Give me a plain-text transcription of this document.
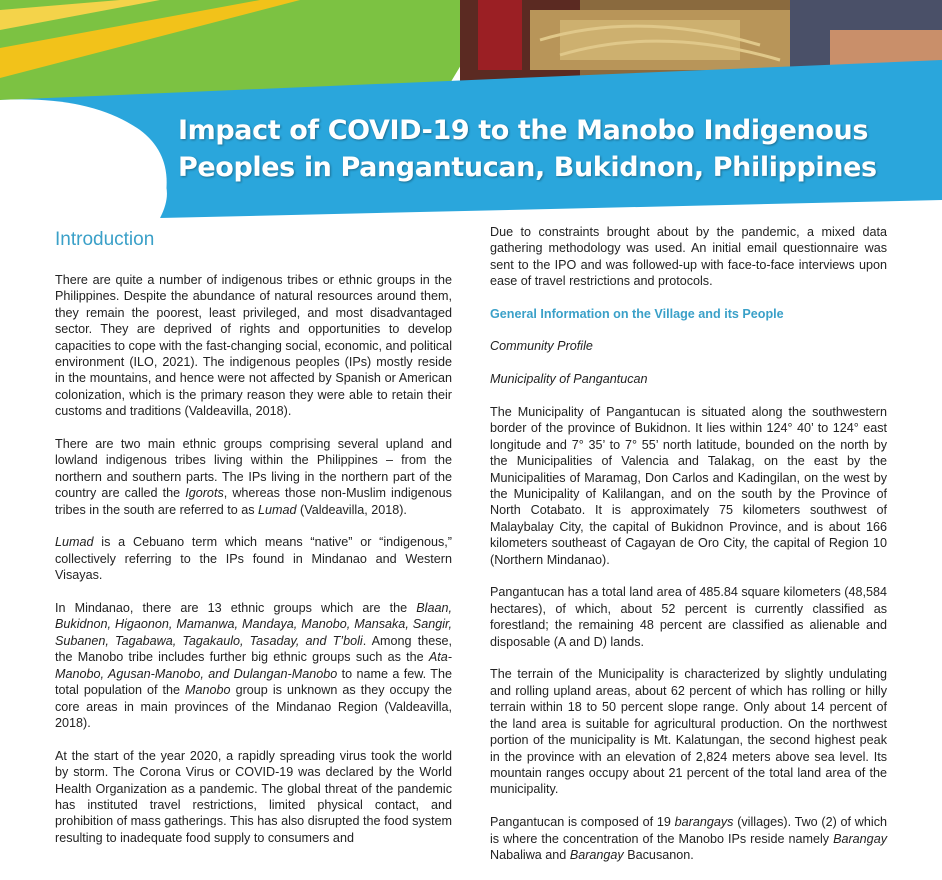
Impact of COVID-19 to the Manobo Indigenous Peoples in Pangantucan, Bukidnon, Philippines
Introduction

There are quite a number of indigenous tribes or ethnic groups in the Philippines. Despite the abundance of natural resources around them, they remain the poorest, least privileged, and most disadvantaged sector. They are deprived of rights and opportunities to develop capacities to cope with the fast-changing social, economic, and political environment (ILO, 2021). The indigenous peoples (IPs) mostly reside in the mountains, and hence were not affected by Spanish or American colonization, which is the primary reason they were able to retain their customs and traditions (Valdeavilla, 2018).

There are two main ethnic groups comprising several upland and lowland indigenous tribes living within the Philippines – from the northern and southern parts. The IPs living in the northern part of the country are called the Igorots, whereas those non-Muslim indigenous tribes in the south are referred to as Lumad (Valdeavilla, 2018).

Lumad is a Cebuano term which means “native” or “indigenous,” collectively referring to the IPs found in Mindanao and Western Visayas.

In Mindanao, there are 13 ethnic groups which are the Blaan, Bukidnon, Higaonon, Mamanwa, Mandaya, Manobo, Mansaka, Sangir, Subanen, Tagabawa, Tagakaulo, Tasaday, and T’boli. Among these, the Manobo tribe includes further big ethnic groups such as the Ata-Manobo, Agusan-Manobo, and Dulangan-Manobo to name a few. The total population of the Manobo group is unknown as they occupy the core areas in main provinces of the Mindanao Region (Valdeavilla, 2018).

At the start of the year 2020, a rapidly spreading virus took the world by storm. The Corona Virus or COVID-19 was declared by the World Health Organization as a pandemic. The global threat of the pandemic has instituted travel restrictions, limited physical contact, and prohibition of mass gatherings. This has also disrupted the food system resulting to inadequate food supply to consumers and

Due to constraints brought about by the pandemic, a mixed data gathering methodology was used. An initial email questionnaire was sent to the IPO and was followed-up with face-to-face interviews upon ease of travel restrictions and protocols.

General Information on the Village and its People

Community Profile

Municipality of Pangantucan

The Municipality of Pangantucan is situated along the southwestern border of the province of Bukidnon. It lies within 124° 40’ to 124° east longitude and 7° 35’ to 7° 55’ north latitude, bounded on the north by the Municipalities of Valencia and Talakag, on the east by the Municipalities of Maramag, Don Carlos and Kadingilan, on the west by the Municipality of Kalilangan, and on the south by the Province of North Cotabato. It is approximately 75 kilometers southwest of Malaybalay City, the capital of Bukidnon Province, and is about 166 kilometers southeast of Cagayan de Oro City, the capital of Region 10 (Northern Mindanao).

Pangantucan has a total land area of 485.84 square kilometers (48,584 hectares), of which, about 52 percent is currently classified as forestland; the remaining 48 percent are classified as alienable and disposable (A and D) lands.

The terrain of the Municipality is characterized by slightly undulating and rolling upland areas, about 62 percent of which has rolling or hilly terrain within 18 to 50 percent slope range. Only about 14 percent of the land area is suitable for agricultural production. On the northwest portion of the municipality is Mt. Kalatungan, the second highest peak in the province with an elevation of 2,824 meters above sea level. Its mountain ranges occupy about 21 percent of the total land area of the municipality.

Pangantucan is composed of 19 barangays (villages). Two (2) of which is where the concentration of the Manobo IPs reside namely Barangay Nabaliwa and Barangay Bacusanon.
